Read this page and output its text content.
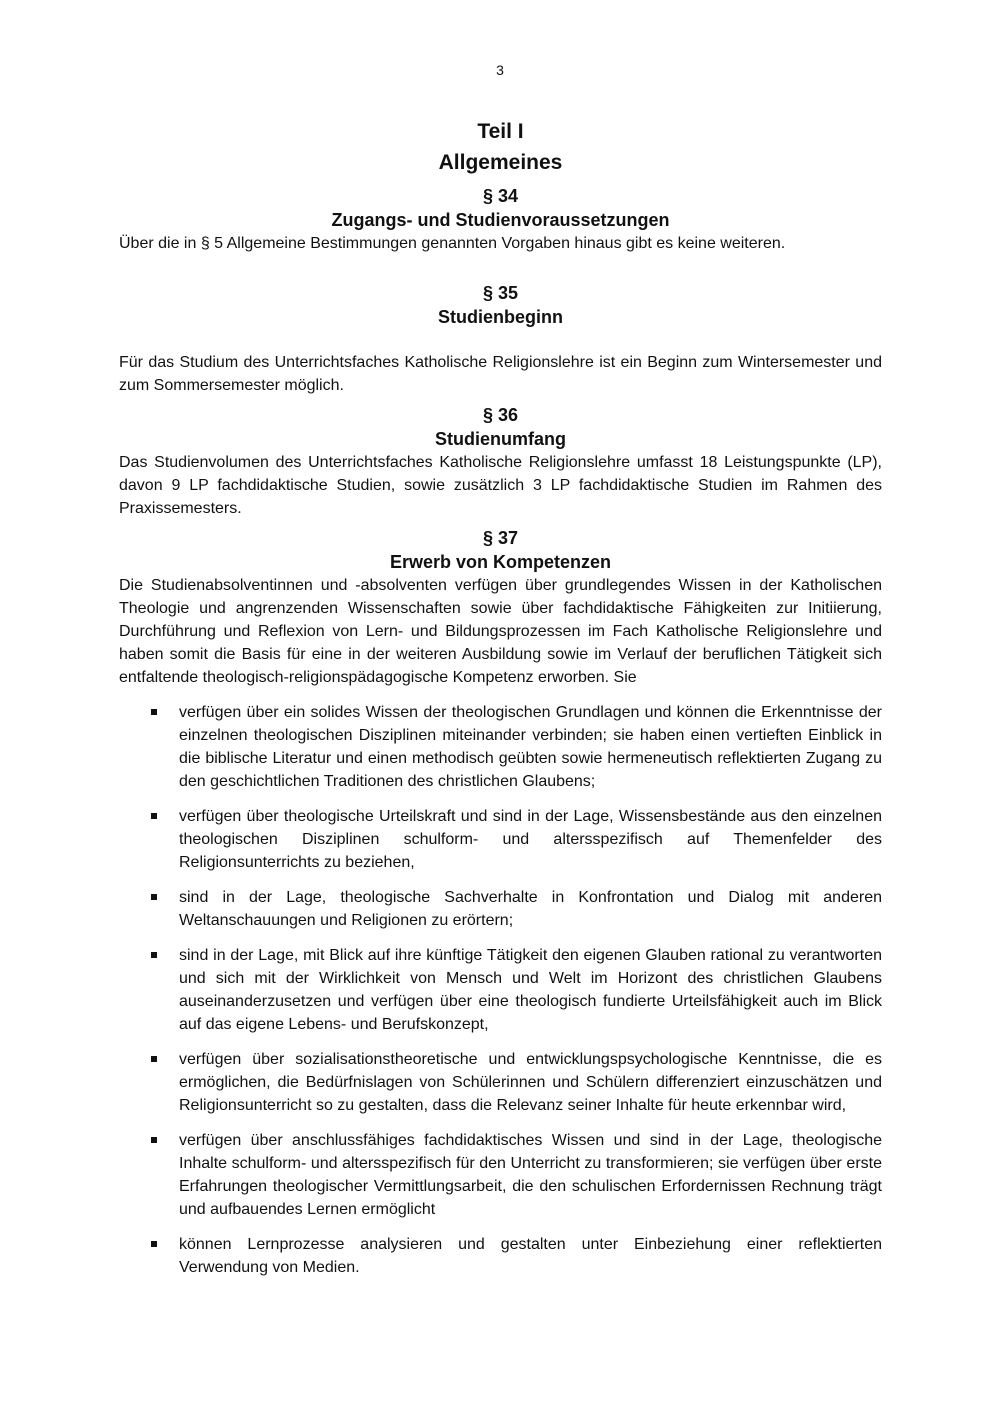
3
Teil I
Allgemeines
§ 34
Zugangs- und Studienvoraussetzungen

Über die in § 5 Allgemeine Bestimmungen genannten Vorgaben hinaus gibt es keine weiteren.

§ 35
Studienbeginn

Für das Studium des Unterrichtsfaches Katholische Religionslehre ist ein Beginn zum Wintersemester und zum Sommersemester möglich.

§ 36
Studienumfang

Das Studienvolumen des Unterrichtsfaches Katholische Religionslehre umfasst 18 Leistungspunkte (LP), davon 9 LP fachdidaktische Studien, sowie zusätzlich 3 LP fachdidaktische Studien im Rahmen des Praxissemesters.

§ 37
Erwerb von Kompetenzen

Die Studienabsolventinnen und -absolventen verfügen über grundlegendes Wissen in der Katholischen Theologie und angrenzenden Wissenschaften sowie über fachdidaktische Fähigkeiten zur Initiierung, Durchführung und Reflexion von Lern- und Bildungsprozessen im Fach Katholische Religionslehre und haben somit die Basis für eine in der weiteren Ausbildung sowie im Verlauf der beruflichen Tätigkeit sich entfaltende theologisch-religionspädagogische Kompetenz erworben. Sie

verfügen über ein solides Wissen der theologischen Grundlagen und können die Erkenntnisse der einzelnen theologischen Disziplinen miteinander verbinden; sie haben einen vertieften Einblick in die biblische Literatur und einen methodisch geübten sowie hermeneutisch reflektierten Zugang zu den geschichtlichen Traditionen des christlichen Glaubens;
verfügen über theologische Urteilskraft und sind in der Lage, Wissensbestände aus den einzelnen theologischen Disziplinen schulform- und altersspezifisch auf Themenfelder des Religionsunterrichts zu beziehen,
sind in der Lage, theologische Sachverhalte in Konfrontation und Dialog mit anderen Weltanschauungen und Religionen zu erörtern;
sind in der Lage, mit Blick auf ihre künftige Tätigkeit den eigenen Glauben rational zu verantworten und sich mit der Wirklichkeit von Mensch und Welt im Horizont des christlichen Glaubens auseinanderzusetzen und verfügen über eine theologisch fundierte Urteilsfähigkeit auch im Blick auf das eigene Lebens- und Berufskonzept,
verfügen über sozialisationstheoretische und entwicklungspsychologische Kenntnisse, die es ermöglichen, die Bedürfnislagen von Schülerinnen und Schülern differenziert einzuschätzen und Religionsunterricht so zu gestalten, dass die Relevanz seiner Inhalte für heute erkennbar wird,
verfügen über anschlussfähiges fachdidaktisches Wissen und sind in der Lage, theologische Inhalte schulform- und altersspezifisch für den Unterricht zu transformieren; sie verfügen über erste Erfahrungen theologischer Vermittlungsarbeit, die den schulischen Erfordernissen Rechnung trägt und aufbauendes Lernen ermöglicht
können Lernprozesse analysieren und gestalten unter Einbeziehung einer reflektierten Verwendung von Medien.
